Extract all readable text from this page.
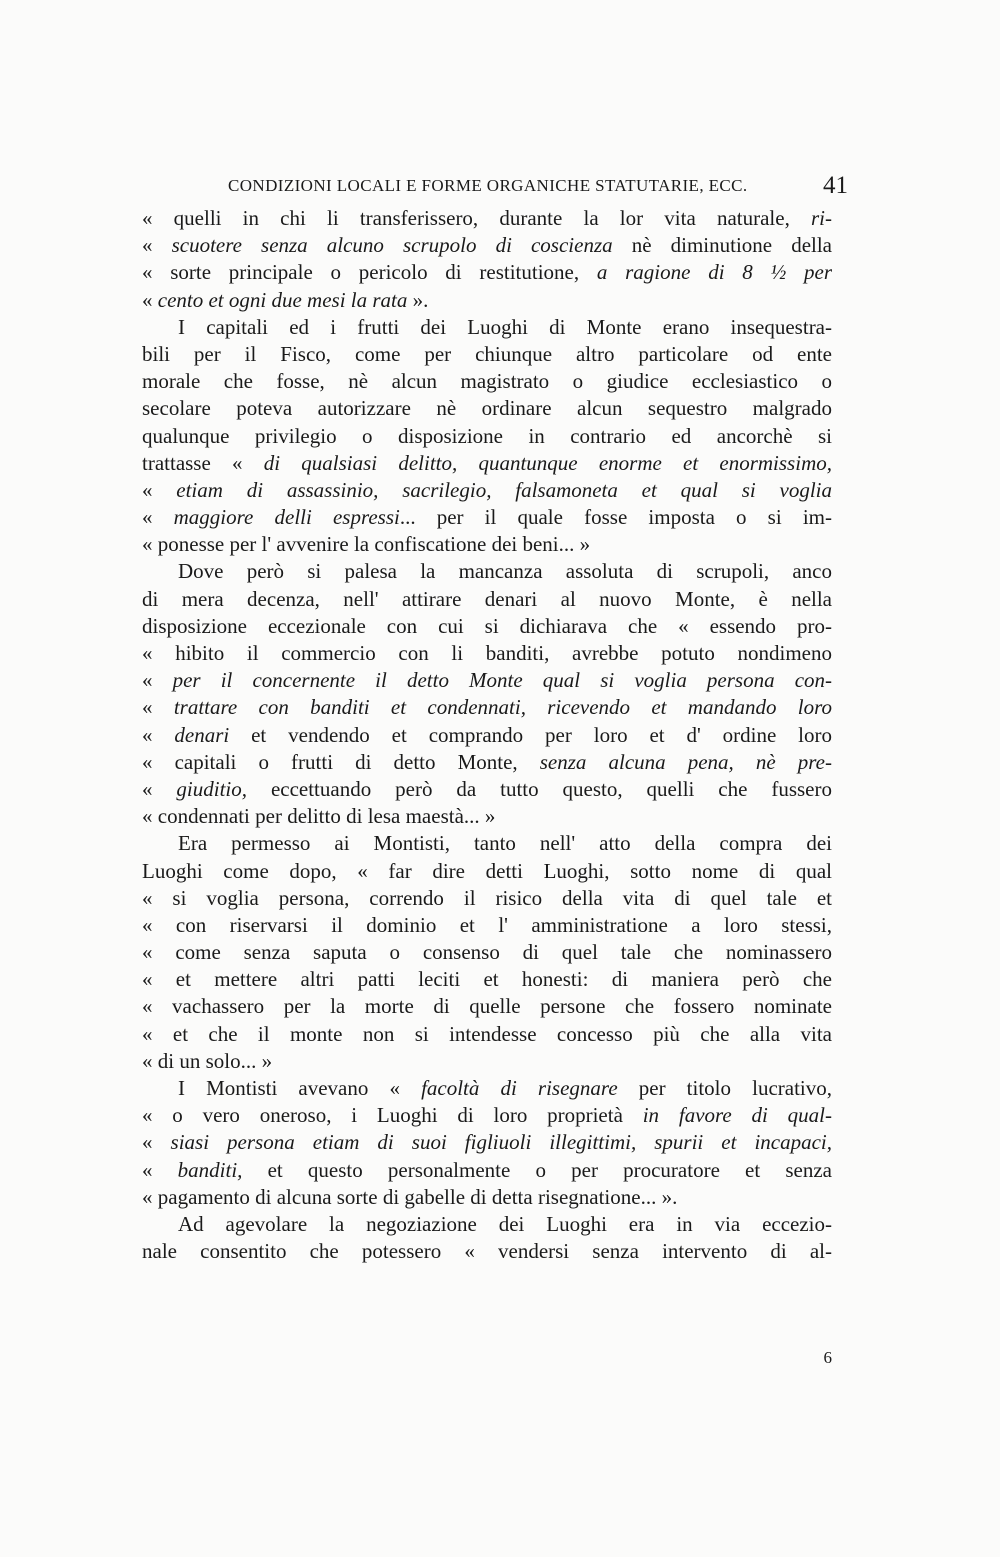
CONDIZIONI LOCALI E FORME ORGANICHE STATUTARIE, ECC.	41
« quelli in chi li transferissero, durante la lor vita naturale, ri-
« scuotere senza alcuno scrupolo di coscienza nè diminutione della
« sorte principale o pericolo di restitutione, a ragione di 8 ½ per
« cento et ogni due mesi la rata ».
I capitali ed i frutti dei Luoghi di Monte erano insequestra-
bili per il Fisco, come per chiunque altro particolare od ente
morale che fosse, nè alcun magistrato o giudice ecclesiastico o
secolare poteva autorizzare nè ordinare alcun sequestro malgrado
qualunque privilegio o disposizione in contrario ed ancorchè si
trattasse « di qualsiasi delitto, quantunque enorme et enormissimo,
« etiam di assassinio, sacrilegio, falsamoneta et qual si voglia
« maggiore delli espressi... per il quale fosse imposta o si im-
« ponesse per l' avvenire la confiscatione dei beni... »
Dove però si palesa la mancanza assoluta di scrupoli, anco
di mera decenza, nell' attirare denari al nuovo Monte, è nella
disposizione eccezionale con cui si dichiarava che « essendo pro-
« hibito il commercio con li banditi, avrebbe potuto nondimeno
« per il concernente il detto Monte qual si voglia persona con-
« trattare con banditi et condennati, ricevendo et mandando loro
« denari et vendendo et comprando per loro et d' ordine loro
« capitali o frutti di detto Monte, senza alcuna pena, nè pre-
« giuditio, eccettuando però da tutto questo, quelli che fussero
« condennati per delitto di lesa maestà... »
Era permesso ai Montisti, tanto nell' atto della compra dei
Luoghi come dopo, « far dire detti Luoghi, sotto nome di qual
« si voglia persona, correndo il risico della vita di quel tale et
« con riservarsi il dominio et l' amministratione a loro stessi,
« come senza saputa o consenso di quel tale che nominassero
« et mettere altri patti leciti et honesti: di maniera però che
« vachassero per la morte di quelle persone che fossero nominate
« et che il monte non si intendesse concesso più che alla vita
« di un solo... »
I Montisti avevano « facoltà di risegnare per titolo lucrativo,
« o vero oneroso, i Luoghi di loro proprietà in favore di qual-
« siasi persona etiam di suoi figliuoli illegittimi, spurii et incapaci,
« banditi, et questo personalmente o per procuratore et senza
« pagamento di alcuna sorte di gabelle di detta risegnatione... ».
Ad agevolare la negoziazione dei Luoghi era in via eccezio-
nale consentito che potessero « vendersi senza intervento di al-
6
